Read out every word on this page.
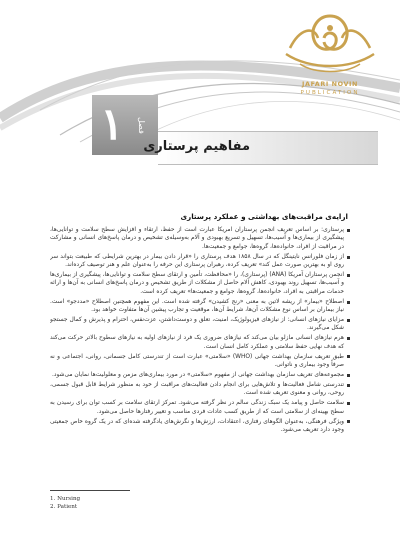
JAFARI NOVIN
PUBLICATION
۱	فصل
مفاهیم پرستاری
ارایه‌ی مراقبت‌های بهداشتی و عملکرد پرستاری

پرستاری: بر اساس تعریف انجمن پرستاران آمریکا عبارت است از حفظ، ارتقاء و افزایش سطح سلامت و توانایی‌ها، پیشگیری از بیماری‌ها و آسیب‌ها، تسهیل و تسریع بهبودی و آلام به‌وسیله‌ی تشخیص و درمان پاسخ‌های انسانی و مشارکت در مراقبت از افراد، خانواده‌ها، گروه‌ها، جوامع و جمعیت‌ها.

از زمان فلورانس نایتینگل که در سال ۱۸۵۸ هدف پرستاری را «قرار دادن بیمار در بهترین شرایطی که طبیعت بتواند سر روی او به بهترین صورت عمل کند» تعریف کرده، رهبران پرستاری این حرفه را به‌عنوان علم و هنر توصیف کرده‌اند.

انجمن پرستاران آمریکا (ANA) (پرستاری)، را «محافظت، تأمین و ارتقای سطح سلامت و توانایی‌ها، پیشگیری از بیماری‌ها و آسیب‌ها، تسهیل روند بهبودی، کاهش آلام حاصل از مشکلات از طریق تشخیص و درمان پاسخ‌های انسانی به آن‌ها و ارائه خدمات مراقبتی به افراد، خانواده‌ها، گروه‌ها، جوامع و جمعیت‌ها» تعریف کرده است.

اصطلاح «بیمار» از ریشه لاتین به معنی «رنج کشیدن» گرفته شده است. این مفهوم همچنین اصطلاح «مددجو» است. نیاز بیماران بر اساس نوع مشکلات آن‌ها، شرایط آن‌ها، موقعیت و تجارب پیشین آن‌ها متفاوت خواهد بود.

مزایای نیازهای انسانی: از نیازهای فیزیولوژیک، امنیت، تعلق و دوست‌داشتن، عزت‌نفس، احترام و پذیرش و کمال جستجو شکل می‌گیرند.

هرم نیازهای انسانی مازلو بیان می‌کند که نیازهای ضروری یک فرد از نیازهای اولیه به نیازهای سطوح بالاتر حرکت می‌کند که هدف نهایی حفظ سلامتی و عملکرد کامل انسان است.

طبق تعریف سازمان بهداشت جهانی (WHO) «سلامتی» عبارت است از تندرستی کامل جسمانی، روانی، اجتماعی و نه صرفاً وجود بیماری و ناتوانی.

مجموعه‌های تعریف سازمان بهداشت جهانی از مفهوم «سلامتی» در مورد بیماری‌های مزمن و معلولیت‌ها نمایان می‌شود.

تندرستی شامل فعالیت‌ها و تلاش‌هایی برای انجام دادن فعالیت‌های مراقبت از خود به منظور شرایط قابل قبول جسمی، روحی، روانی و معنوی تعریف شده است.

سلامت حاصل و پیامد یک سبک زندگی سالم در نظر گرفته می‌شود. تمرکز ارتقای سلامت بر کسب توان برای رسیدن به سطح بهینه‌ای از سلامتی است که از طریق کسب عادات فردی مناسب و تغییر رفتارها حاصل می‌شود.

ویژگی فرهنگی، به‌عنوان الگوهای رفتاری، اعتقادات، ارزش‌ها و نگرش‌های یادگرفته شده‌ای که در یک گروه خاص جمعیتی وجود دارد تعریف می‌شود.

1. Nursing
2. Patient
